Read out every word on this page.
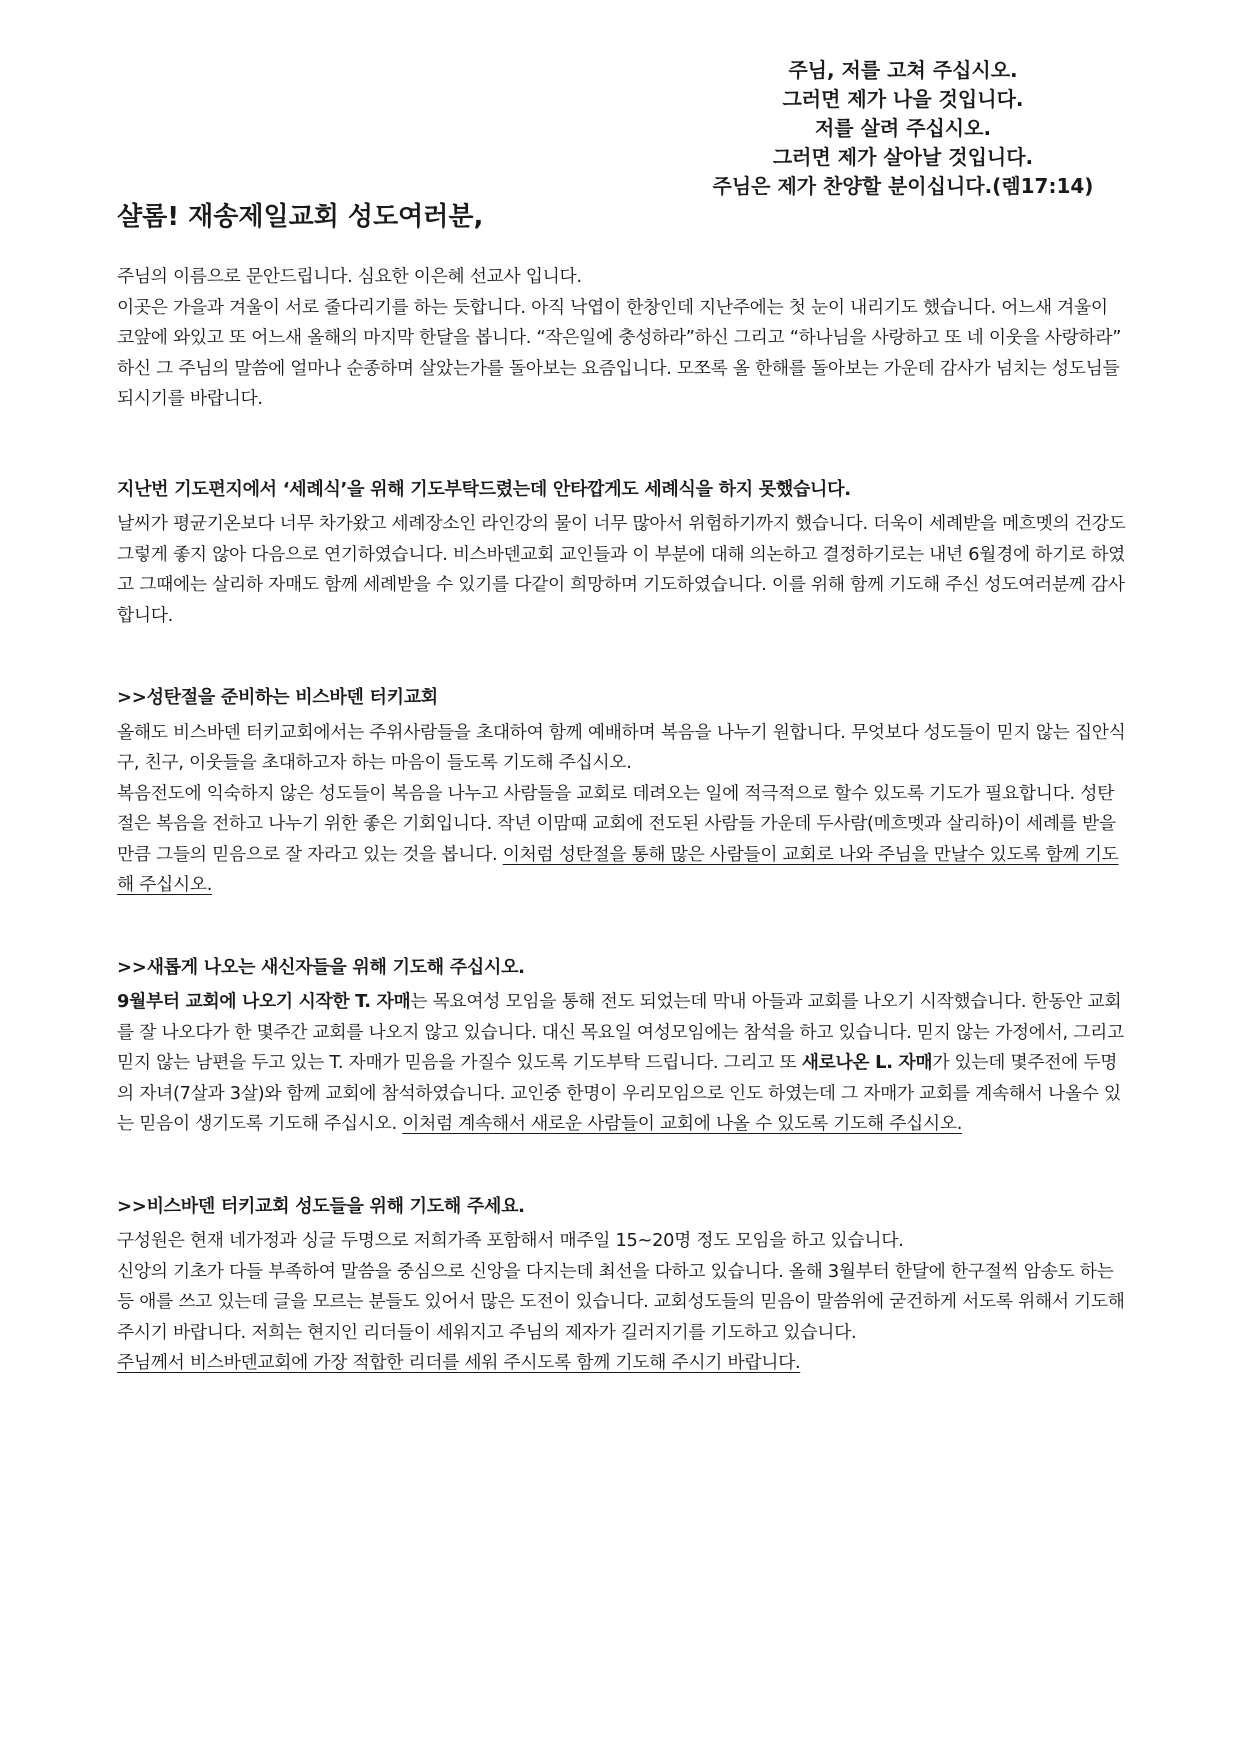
주님, 저를 고쳐 주십시오.
그러면 제가 나을 것입니다.
저를 살려 주십시오.
그러면 제가 살아날 것입니다.
주님은 제가 찬양할 분이십니다.(렘17:14)
샬롬! 재송제일교회 성도여러분,

주님의 이름으로 문안드립니다. 심요한 이은혜 선교사 입니다.

이곳은 가을과 겨울이 서로 줄다리기를 하는 듯합니다. 아직 낙엽이 한창인데 지난주에는 첫 눈이 내리기도 했습니다. 어느새 겨울이 코앞에 와있고 또 어느새 올해의 마지막 한달을 봅니다. “작은일에 충성하라”하신 그리고 “하나님을 사랑하고 또 네 이웃을 사랑하라” 하신 그 주님의 말씀에 얼마나 순종하며 살았는가를 돌아보는 요즘입니다. 모쪼록 올 한해를 돌아보는 가운데 감사가 넘치는 성도님들 되시기를 바랍니다.

지난번 기도편지에서 ‘세례식’을 위해 기도부탁드렸는데 안타깝게도 세례식을 하지 못했습니다.

날씨가 평균기온보다 너무 차가왔고 세례장소인 라인강의 물이 너무 많아서 위험하기까지 했습니다. 더욱이 세례받을 메흐멧의 건강도 그렇게 좋지 않아 다음으로 연기하였습니다. 비스바덴교회 교인들과 이 부분에 대해 의논하고 결정하기로는 내년 6월경에 하기로 하였고 그때에는 살리하 자매도 함께 세례받을 수 있기를 다같이 희망하며 기도하였습니다. 이를 위해 함께 기도해 주신 성도여러분께 감사합니다.

>>성탄절을 준비하는 비스바덴 터키교회

올해도 비스바덴 터키교회에서는 주위사람들을 초대하여 함께 예배하며 복음을 나누기 원합니다. 무엇보다 성도들이 믿지 않는 집안식구, 친구, 이웃들을 초대하고자 하는 마음이 들도록 기도해 주십시오.

복음전도에 익숙하지 않은 성도들이 복음을 나누고 사람들을 교회로 데려오는 일에 적극적으로 할수 있도록 기도가 필요합니다. 성탄절은 복음을 전하고 나누기 위한 좋은 기회입니다. 작년 이맘때 교회에 전도된 사람들 가운데 두사람(메흐멧과 살리하)이 세례를 받을만큼 그들의 믿음으로 잘 자라고 있는 것을 봅니다. 이처럼 성탄절을 통해 많은 사람들이 교회로 나와 주님을 만날수 있도록 함께 기도해 주십시오.

>>새롭게 나오는 새신자들을 위해 기도해 주십시오.

9월부터 교회에 나오기 시작한 T. 자매는 목요여성 모임을 통해 전도 되었는데 막내 아들과 교회를 나오기 시작했습니다. 한동안 교회를 잘 나오다가 한 몇주간 교회를 나오지 않고 있습니다. 대신 목요일 여성모임에는 참석을 하고 있습니다. 믿지 않는 가정에서, 그리고 믿지 않는 남편을 두고 있는 T. 자매가 믿음을 가질수 있도록 기도부탁 드립니다. 그리고 또 새로나온 L. 자매가 있는데 몇주전에 두명의 자녀(7살과 3살)와 함께 교회에 참석하였습니다. 교인중 한명이 우리모임으로 인도 하였는데 그 자매가 교회를 계속해서 나올수 있는 믿음이 생기도록 기도해 주십시오. 이처럼 계속해서 새로운 사람들이 교회에 나올 수 있도록 기도해 주십시오.

>>비스바덴 터키교회 성도들을 위해 기도해 주세요.

구성원은 현재 네가정과 싱글 두명으로 저희가족 포함해서 매주일 15~20명 정도 모임을 하고 있습니다.

신앙의 기초가 다들 부족하여 말씀을 중심으로 신앙을 다지는데 최선을 다하고 있습니다. 올해 3월부터 한달에 한구절씩 암송도 하는 등 애를 쓰고 있는데 글을 모르는 분들도 있어서 많은 도전이 있습니다. 교회성도들의 믿음이 말씀위에 굳건하게 서도록 위해서 기도해 주시기 바랍니다. 저희는 현지인 리더들이 세워지고 주님의 제자가 길러지기를 기도하고 있습니다.

주님께서 비스바덴교회에 가장 적합한 리더를 세워 주시도록 함께 기도해 주시기 바랍니다.
